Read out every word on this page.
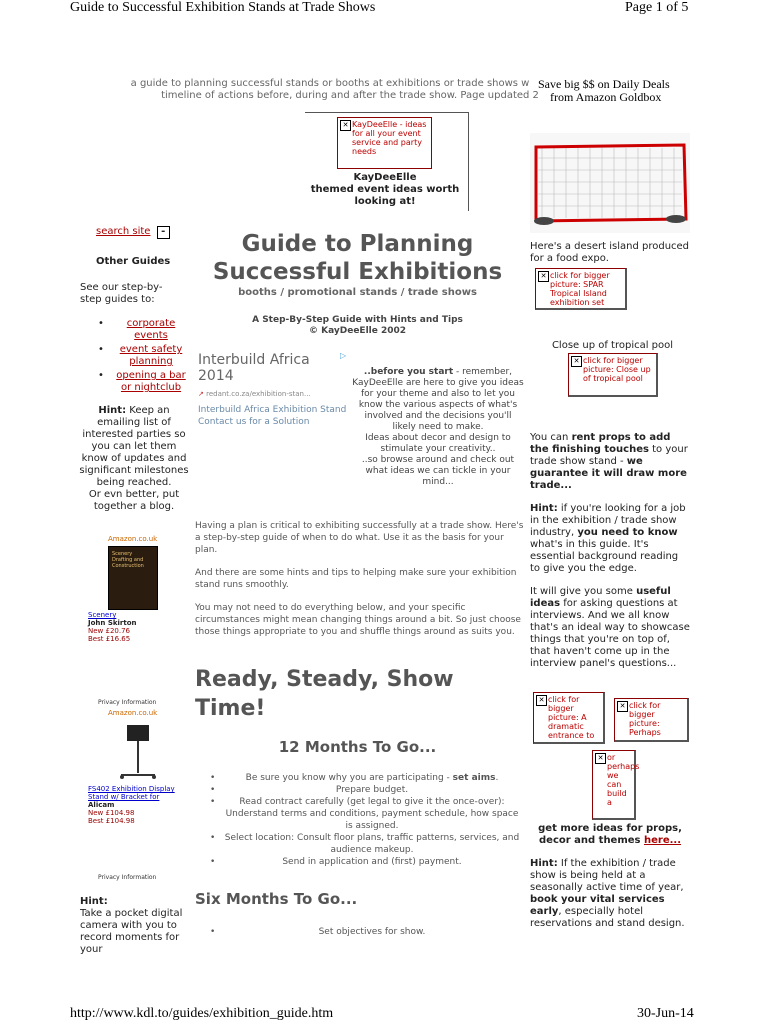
Guide to Successful Exhibition Stands at Trade Shows	Page 1 of 5
a guide to planning successful stands or booths at exhibitions or trade shows w
timeline of actions before, during and after the trade show. Page updated 2
Save big $$ on Daily Deals
from Amazon Goldbox
✕ KayDeeElle - ideas for all your event service and party needs
KayDeeElle
themed event ideas worth looking at!
Here's a desert island produced for a food expo.
✕ click for bigger picture: SPAR Tropical Island exhibition set
Close up of tropical pool
✕ click for bigger picture: Close up of tropical pool
You can rent props to add the finishing touches to your trade show stand - we guarantee it will draw more trade...
Hint: if you're looking for a job in the exhibition / trade show industry, you need to know what's in this guide. It's essential background reading to give you the edge.
It will give you some useful ideas for asking questions at interviews. And we all know that's an ideal way to showcase things that you're on top of, that haven't come up in the interview panel's questions...
✕ click for bigger picture: A dramatic entrance to
✕ click for bigger picture: Perhaps
✕ or perhaps we can build a
get more ideas for props, decor and themes here...
Hint: If the exhibition / trade show is being held at a seasonally active time of year, book your vital services early, especially hotel reservations and stand design.
search site -
Other Guides
See our step-by-step guides to:
• corporate events
• event safety planning
• opening a bar or nightclub
Hint: Keep an emailing list of interested parties so you can let them know of updates and significant milestones being reached.
Or evn better, put together a blog.
Amazon.co.uk
Scenery Drafting and Construction
Scenery
John Skirton
New £20.76
Best £16.65
Privacy Information
Amazon.co.uk
FS402 Exhibition Display Stand w/ Bracket for
Alicam
New £104.98
Best £104.98
Privacy Information
Hint:
Take a pocket digital camera with you to record moments for your
Guide to Planning
Successful Exhibitions
booths / promotional stands / trade shows
A Step-By-Step Guide with Hints and Tips
© KayDeeElle 2002
▷
Interbuild Africa 2014
↗ redant.co.za/exhibition-stan...
Interbuild Africa Exhibition Stand Contact us for a Solution
..before you start - remember, KayDeeElle are here to give you ideas for your theme and also to let you know the various aspects of what's involved and the decisions you'll likely need to make.
Ideas about decor and design to stimulate your creativity..
..so browse around and check out what ideas we can tickle in your mind...
Having a plan is critical to exhibiting successfully at a trade show. Here's a step-by-step guide of when to do what. Use it as the basis for your plan.
And there are some hints and tips to helping make sure your exhibition stand runs smoothly.
You may not need to do everything below, and your specific circumstances might mean changing things around a bit. So just choose those things appropriate to you and shuffle things around as suits you.
Ready, Steady, Show Time!
12 Months To Go...
•	Be sure you know why you are participating - set aims.
•	Prepare budget.
•	Read contract carefully (get legal to give it the once-over): Understand terms and conditions, payment schedule, how space is assigned.
• Select location: Consult floor plans, traffic patterns, services, and audience makeup.
•	Send in application and (first) payment.
Six Months To Go...
•	Set objectives for show.
http://www.kdl.to/guides/exhibition_guide.htm	30-Jun-14
